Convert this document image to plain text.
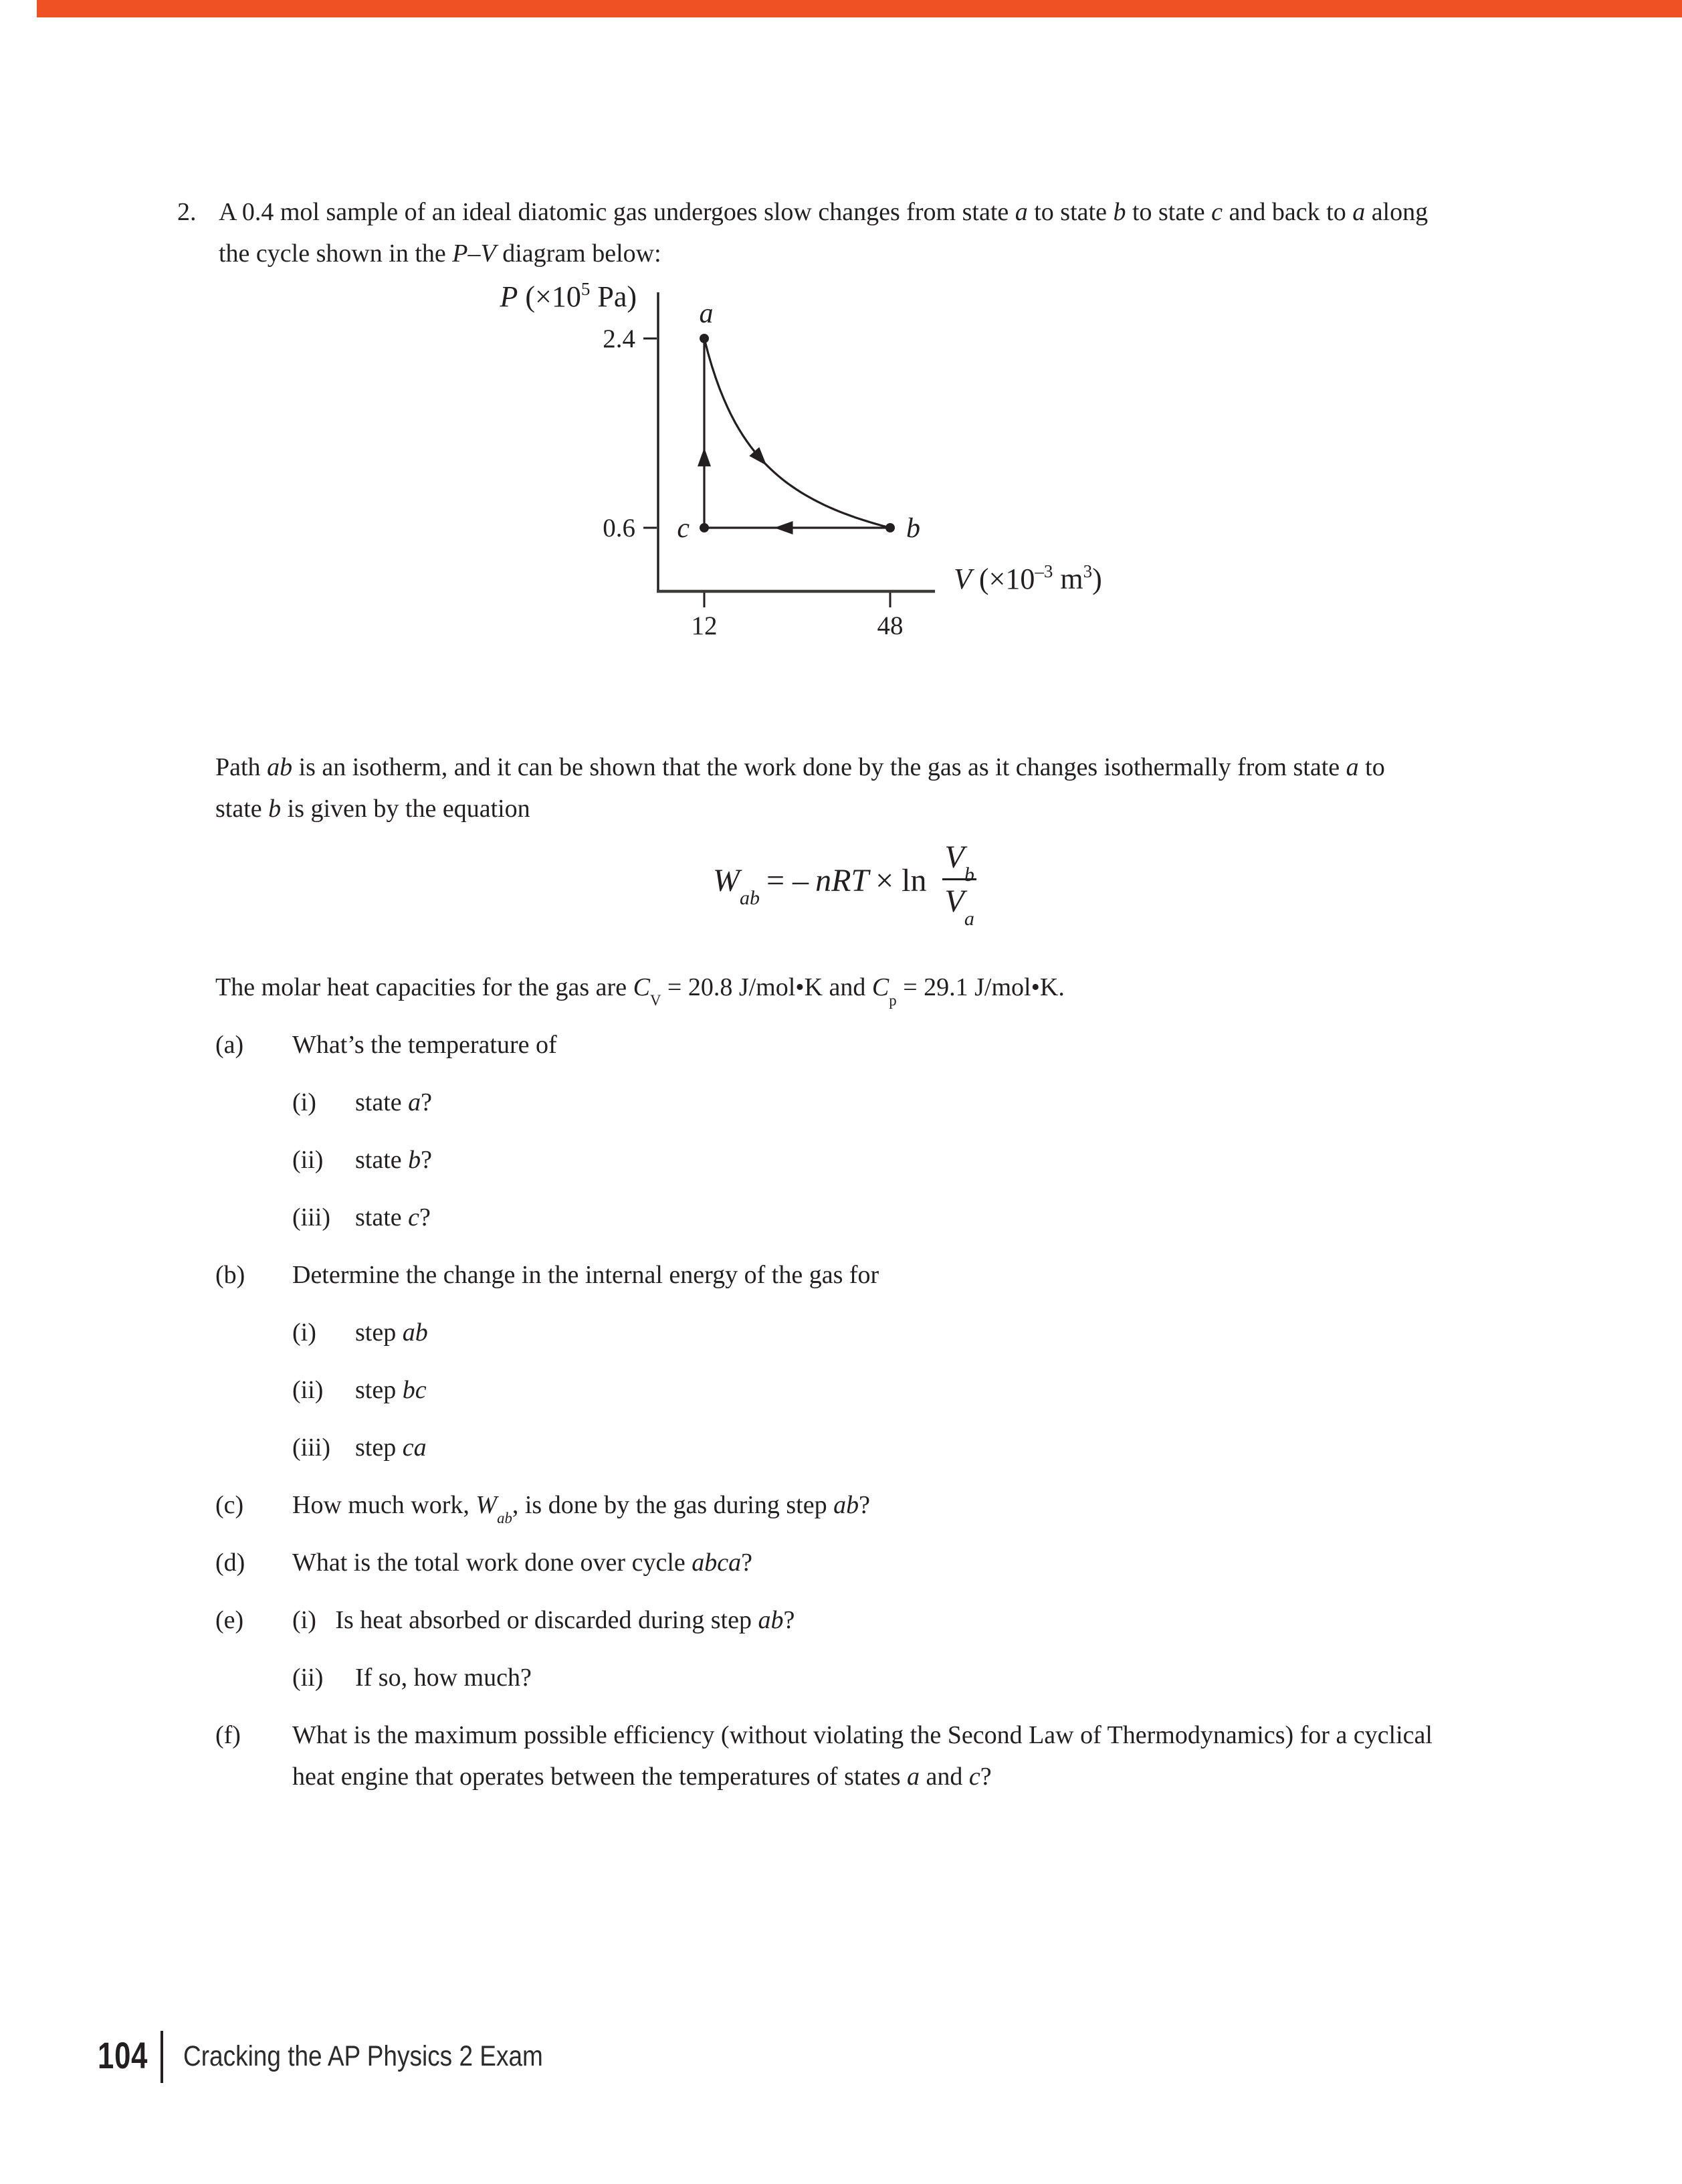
2. A 0.4 mol sample of an ideal diatomic gas undergoes slow changes from state a to state b to state c and back to a along
the cycle shown in the P–V diagram below:
2.4
0.6
12	48
P ($\times 10^5$ Pa)
V ($\times 10^{-3}$ $m^3$)
a
b
c
Path ab is an isotherm, and it can be shown that the work done by the gas as it changes isothermally from state a to
state b is given by the equation
$W_{ab}$ = – nRT × $\ln \frac{V_b}{V_a}$
The molar heat capacities for the gas are $C_V = 20.8$ J/mol•K and $C_p = 29.1$ J/mol•K.
(a) What’s the temperature of
(i) state a?
(ii) state b?
(iii) state c?
(b) Determine the change in the internal energy of the gas for
(i) step ab
(ii) step bc
(iii) step ca
(c) How much work, $W_{ab}$, is done by the gas during step ab?
(d) What is the total work done over cycle abca?
(e) (i)   Is heat absorbed or discarded during step ab?
(ii) If so, how much?
(f) What is the maximum possible efficiency (without violating the Second Law of Thermodynamics) for a cyclical
heat engine that operates between the temperatures of states a and c?
104 Cracking the AP Physics 2 Exam
